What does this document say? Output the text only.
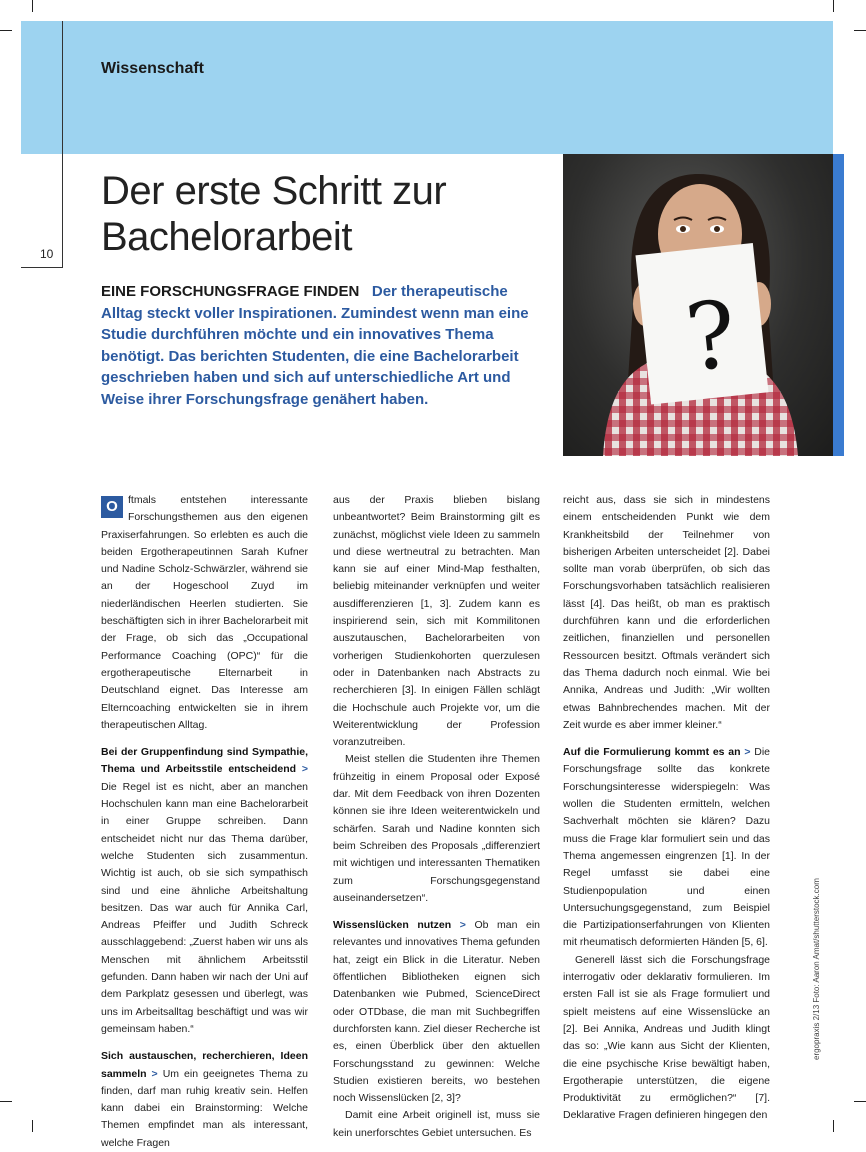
Wissenschaft
10
Der erste Schritt zur Bachelorarbeit
EINE FORSCHUNGSFRAGE FINDEN Der therapeutische Alltag steckt voller Inspirationen. Zumindest wenn man eine Studie durchführen möchte und ein innovatives Thema benötigt. Das berichten Studenten, die eine Bachelorarbeit geschrieben haben und sich auf unterschiedliche Art und Weise ihrer Forschungsfrage genähert haben.
?

O ftmals entstehen interessante Forschungsthemen aus den eigenen Praxiserfahrungen. So erlebten es auch die beiden Ergotherapeutinnen Sarah Kufner und Nadine Scholz-Schwärzler, während sie an der Hogeschool Zuyd im niederländischen Heerlen studierten. Sie beschäftigten sich in ihrer Bachelorarbeit mit der Frage, ob sich das „Occupational Performance Coaching (OPC)“ für die ergotherapeutische Elternarbeit in Deutschland eignet. Das Interesse am Elterncoaching entwickelten sie in ihrem therapeutischen Alltag.

Bei der Gruppenfindung sind Sympathie, Thema und Arbeitsstile entscheidend > Die Regel ist es nicht, aber an manchen Hochschulen kann man eine Bachelorarbeit in einer Gruppe schreiben. Dann entscheidet nicht nur das Thema darüber, welche Studenten sich zusammentun. Wichtig ist auch, ob sie sich sympathisch sind und eine ähnliche Arbeitshaltung besitzen. Das war auch für Annika Carl, Andreas Pfeiffer und Judith Schreck ausschlaggebend: „Zuerst haben wir uns als Menschen mit ähnlichem Arbeitsstil gefunden. Dann haben wir nach der Uni auf dem Parkplatz gesessen und überlegt, was uns im Arbeitsalltag beschäftigt und was wir gemeinsam haben.“

Sich austauschen, recherchieren, Ideen sammeln > Um ein geeignetes Thema zu finden, darf man ruhig kreativ sein. Helfen kann dabei ein Brainstorming: Welche Themen empfindet man als interessant, welche Fragen

aus der Praxis blieben bislang unbeantwortet? Beim Brainstorming gilt es zunächst, möglichst viele Ideen zu sammeln und diese wertneutral zu betrachten. Man kann sie auf einer Mind-Map festhalten, beliebig miteinander verknüpfen und weiter ausdifferenzieren [1, 3]. Zudem kann es inspirierend sein, sich mit Kommilitonen auszutauschen, Bachelorarbeiten von vorherigen Studienkohorten querzulesen oder in Datenbanken nach Abstracts zu recherchieren [3]. In einigen Fällen schlägt die Hochschule auch Projekte vor, um die Weiterentwicklung der Profession voranzutreiben.

Meist stellen die Studenten ihre Themen frühzeitig in einem Proposal oder Exposé dar. Mit dem Feedback von ihren Dozenten können sie ihre Ideen weiterentwickeln und schärfen. Sarah und Nadine konnten sich beim Schreiben des Proposals „differenziert mit wichtigen und interessanten Thematiken zum Forschungsgegenstand auseinandersetzen“.

Wissenslücken nutzen > Ob man ein relevantes und innovatives Thema gefunden hat, zeigt ein Blick in die Literatur. Neben öffentlichen Bibliotheken eignen sich Datenbanken wie Pubmed, ScienceDirect oder OTDbase, die man mit Suchbegriffen durchforsten kann. Ziel dieser Recherche ist es, einen Überblick über den aktuellen Forschungsstand zu gewinnen: Welche Studien existieren bereits, wo bestehen noch Wissenslücken [2, 3]?

Damit eine Arbeit originell ist, muss sie kein unerforschtes Gebiet untersuchen. Es

reicht aus, dass sie sich in mindestens einem entscheidenden Punkt wie dem Krankheitsbild der Teilnehmer von bisherigen Arbeiten unterscheidet [2]. Dabei sollte man vorab überprüfen, ob sich das Forschungsvorhaben tatsächlich realisieren lässt [4]. Das heißt, ob man es praktisch durchführen kann und die erforderlichen zeitlichen, finanziellen und personellen Ressourcen besitzt. Oftmals verändert sich das Thema dadurch noch einmal. Wie bei Annika, Andreas und Judith: „Wir wollten etwas Bahnbrechendes machen. Mit der Zeit wurde es aber immer kleiner.“

Auf die Formulierung kommt es an > Die Forschungsfrage sollte das konkrete Forschungsinteresse widerspiegeln: Was wollen die Studenten ermitteln, welchen Sachverhalt möchten sie klären? Dazu muss die Frage klar formuliert sein und das Thema angemessen eingrenzen [1]. In der Regel umfasst sie dabei eine Studienpopulation und einen Untersuchungsgegenstand, zum Beispiel die Partizipationserfahrungen von Klienten mit rheumatisch deformierten Händen [5, 6].

Generell lässt sich die Forschungsfrage interrogativ oder deklarativ formulieren. Im ersten Fall ist sie als Frage formuliert und spielt meistens auf eine Wissenslücke an [2]. Bei Annika, Andreas und Judith klingt das so: „Wie kann aus Sicht der Klienten, die eine psychische Krise bewältigt haben, Ergotherapie unterstützen, die eigene Produktivität zu ermöglichen?“ [7]. Deklarative Fragen definieren hingegen den

ergopraxis 2/13 Foto: Aaron Amat/shutterstock.com
